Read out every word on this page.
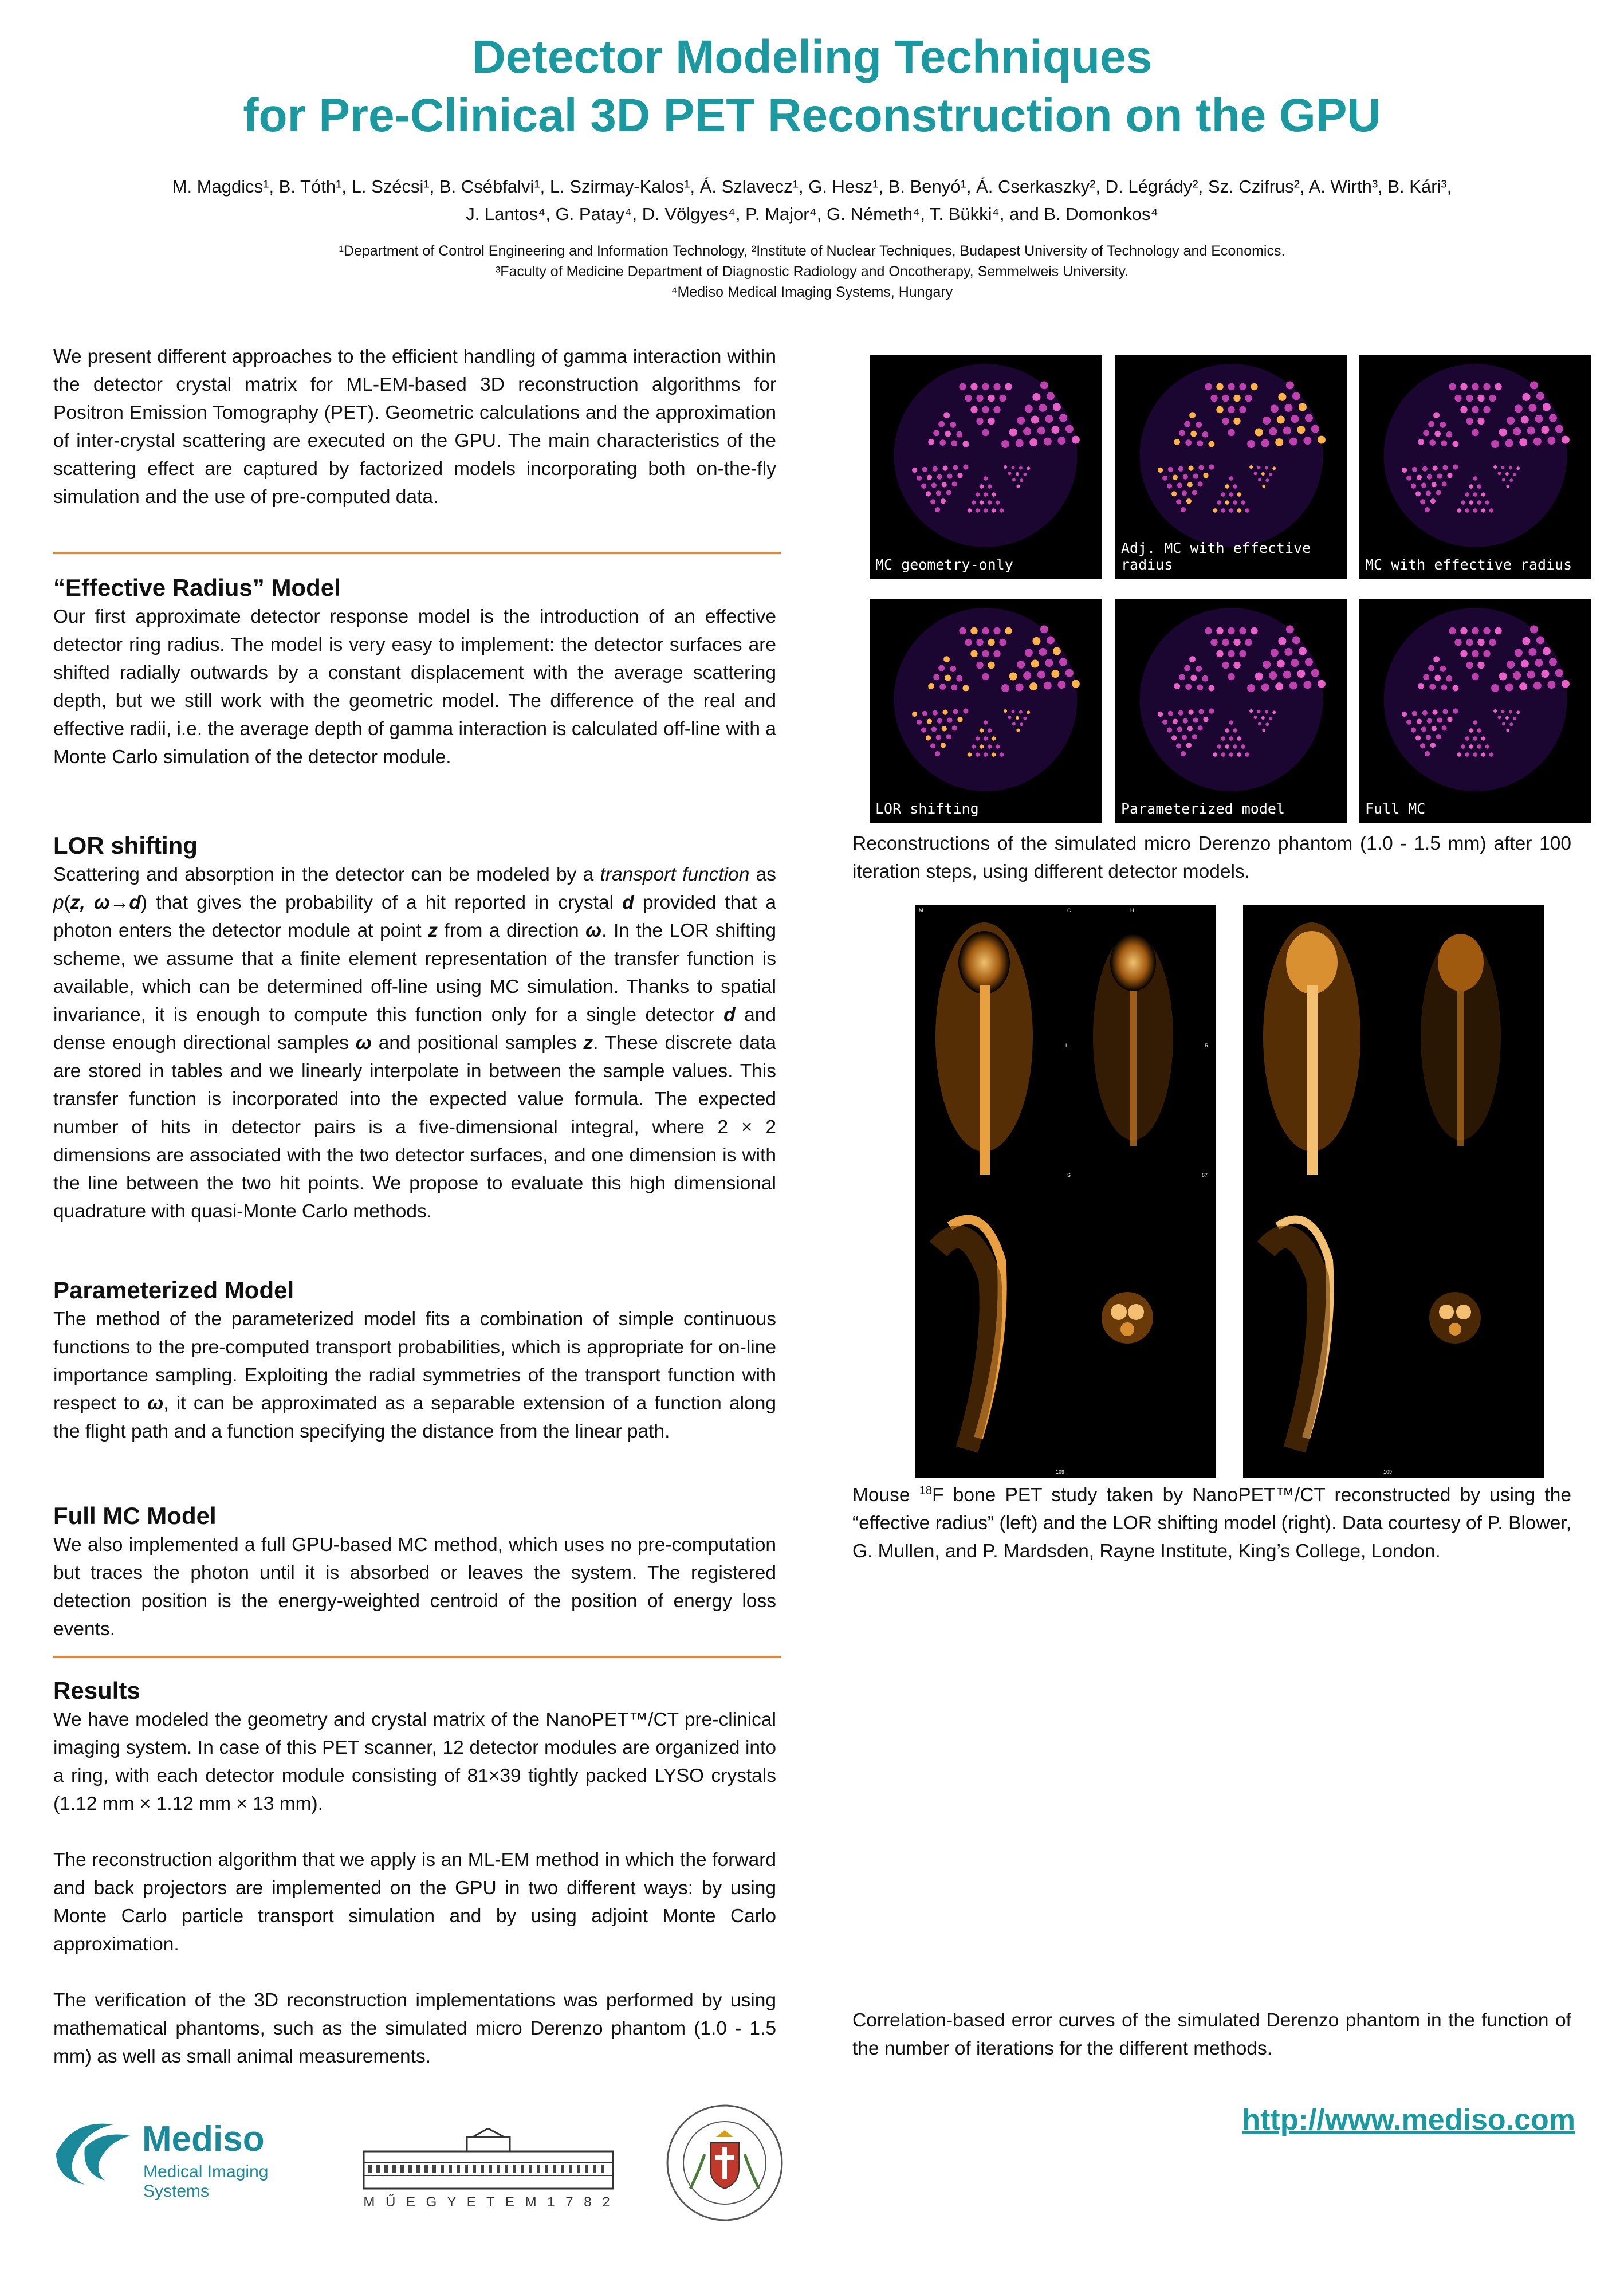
Detector Modeling Techniques
for Pre-Clinical 3D PET Reconstruction on the GPU
M. Magdics¹, B. Tóth¹, L. Szécsi¹, B. Csébfalvi¹, L. Szirmay-Kalos¹, Á. Szlavecz¹, G. Hesz¹, B. Benyó¹, Á. Cserkaszky², D. Légrády², Sz. Czifrus², A. Wirth³, B. Kári³,
J. Lantos⁴, G. Patay⁴, D. Völgyes⁴, P. Major⁴, G. Németh⁴, T. Bükki⁴, and B. Domonkos⁴
¹Department of Control Engineering and Information Technology, ²Institute of Nuclear Techniques, Budapest University of Technology and Economics.
³Faculty of Medicine Department of Diagnostic Radiology and Oncotherapy, Semmelweis University.
⁴Mediso Medical Imaging Systems, Hungary

We present different approaches to the efficient handling of gamma interaction within the detector crystal matrix for ML-EM-based 3D reconstruction algorithms for Positron Emission Tomography (PET). Geometric calculations and the approximation of inter-crystal scattering are executed on the GPU. The main characteristics of the scattering effect are captured by factorized models incorporating both on-the-fly simulation and the use of pre-computed data.

“Effective Radius” Model

Our first approximate detector response model is the introduction of an effective detector ring radius. The model is very easy to implement: the detector surfaces are shifted radially outwards by a constant displacement with the average scattering depth, but we still work with the geometric model. The difference of the real and effective radii, i.e. the average depth of gamma interaction is calculated off-line with a Monte Carlo simulation of the detector module.

LOR shifting

Scattering and absorption in the detector can be modeled by a transport function as p(z, ω→d) that gives the probability of a hit reported in crystal d provided that a photon enters the detector module at point z from a direction ω. In the LOR shifting scheme, we assume that a finite element representation of the transfer function is available, which can be determined off-line using MC simulation. Thanks to spatial invariance, it is enough to compute this function only for a single detector d and dense enough directional samples ω and positional samples z. These discrete data are stored in tables and we linearly interpolate in between the sample values. This transfer function is incorporated into the expected value formula. The expected number of hits in detector pairs is a five-dimensional integral, where 2 × 2 dimensions are associated with the two detector surfaces, and one dimension is with the line between the two hit points. We propose to evaluate this high dimensional quadrature with quasi-Monte Carlo methods.

Parameterized Model

The method of the parameterized model fits a combination of simple continuous functions to the pre-computed transport probabilities, which is appropriate for on-line importance sampling. Exploiting the radial symmetries of the transport function with respect to ω, it can be approximated as a separable extension of a function along the flight path and a function specifying the distance from the linear path.

Full MC Model

We also implemented a full GPU-based MC method, which uses no pre-computation but traces the photon until it is absorbed or leaves the system. The registered detection position is the energy-weighted centroid of the position of energy loss events.

Results

We have modeled the geometry and crystal matrix of the NanoPET™/CT pre-clinical imaging system. In case of this PET scanner, 12 detector modules are organized into a ring, with each detector module consisting of 81×39 tightly packed LYSO crystals (1.12 mm × 1.12 mm × 13 mm).

The reconstruction algorithm that we apply is an ML-EM method in which the forward and back projectors are implemented on the GPU in two different ways: by using Monte Carlo particle transport simulation and by using adjoint Monte Carlo approximation.

The verification of the 3D reconstruction implementations was performed by using mathematical phantoms, such as the simulated micro Derenzo phantom (1.0 - 1.5 mm) as well as small animal measurements.

MC geometry-only
Adj. MC with effective radius	MC with effective radius
LOR shifting	Parameterized model	Full MC

Reconstructions of the simulated micro Derenzo phantom (1.0 - 1.5 mm) after 100 iteration steps, using different detector models.

M	C	H
L	R
S	67
109	109

Mouse $^{18}$F bone PET study taken by NanoPET™/CT reconstructed by using the “effective radius” (left) and the LOR shifting model (right). Data courtesy of P. Blower, G. Mullen, and P. Mardsden, Rayne Institute, King’s College, London.

Correlation-based error curves of the simulated Derenzo phantom in the function of the number of iterations for the different methods.

http://www.mediso.com
Mediso
Medical Imaging Systems
M Ű E G Y E T E M 1 7 8 2
